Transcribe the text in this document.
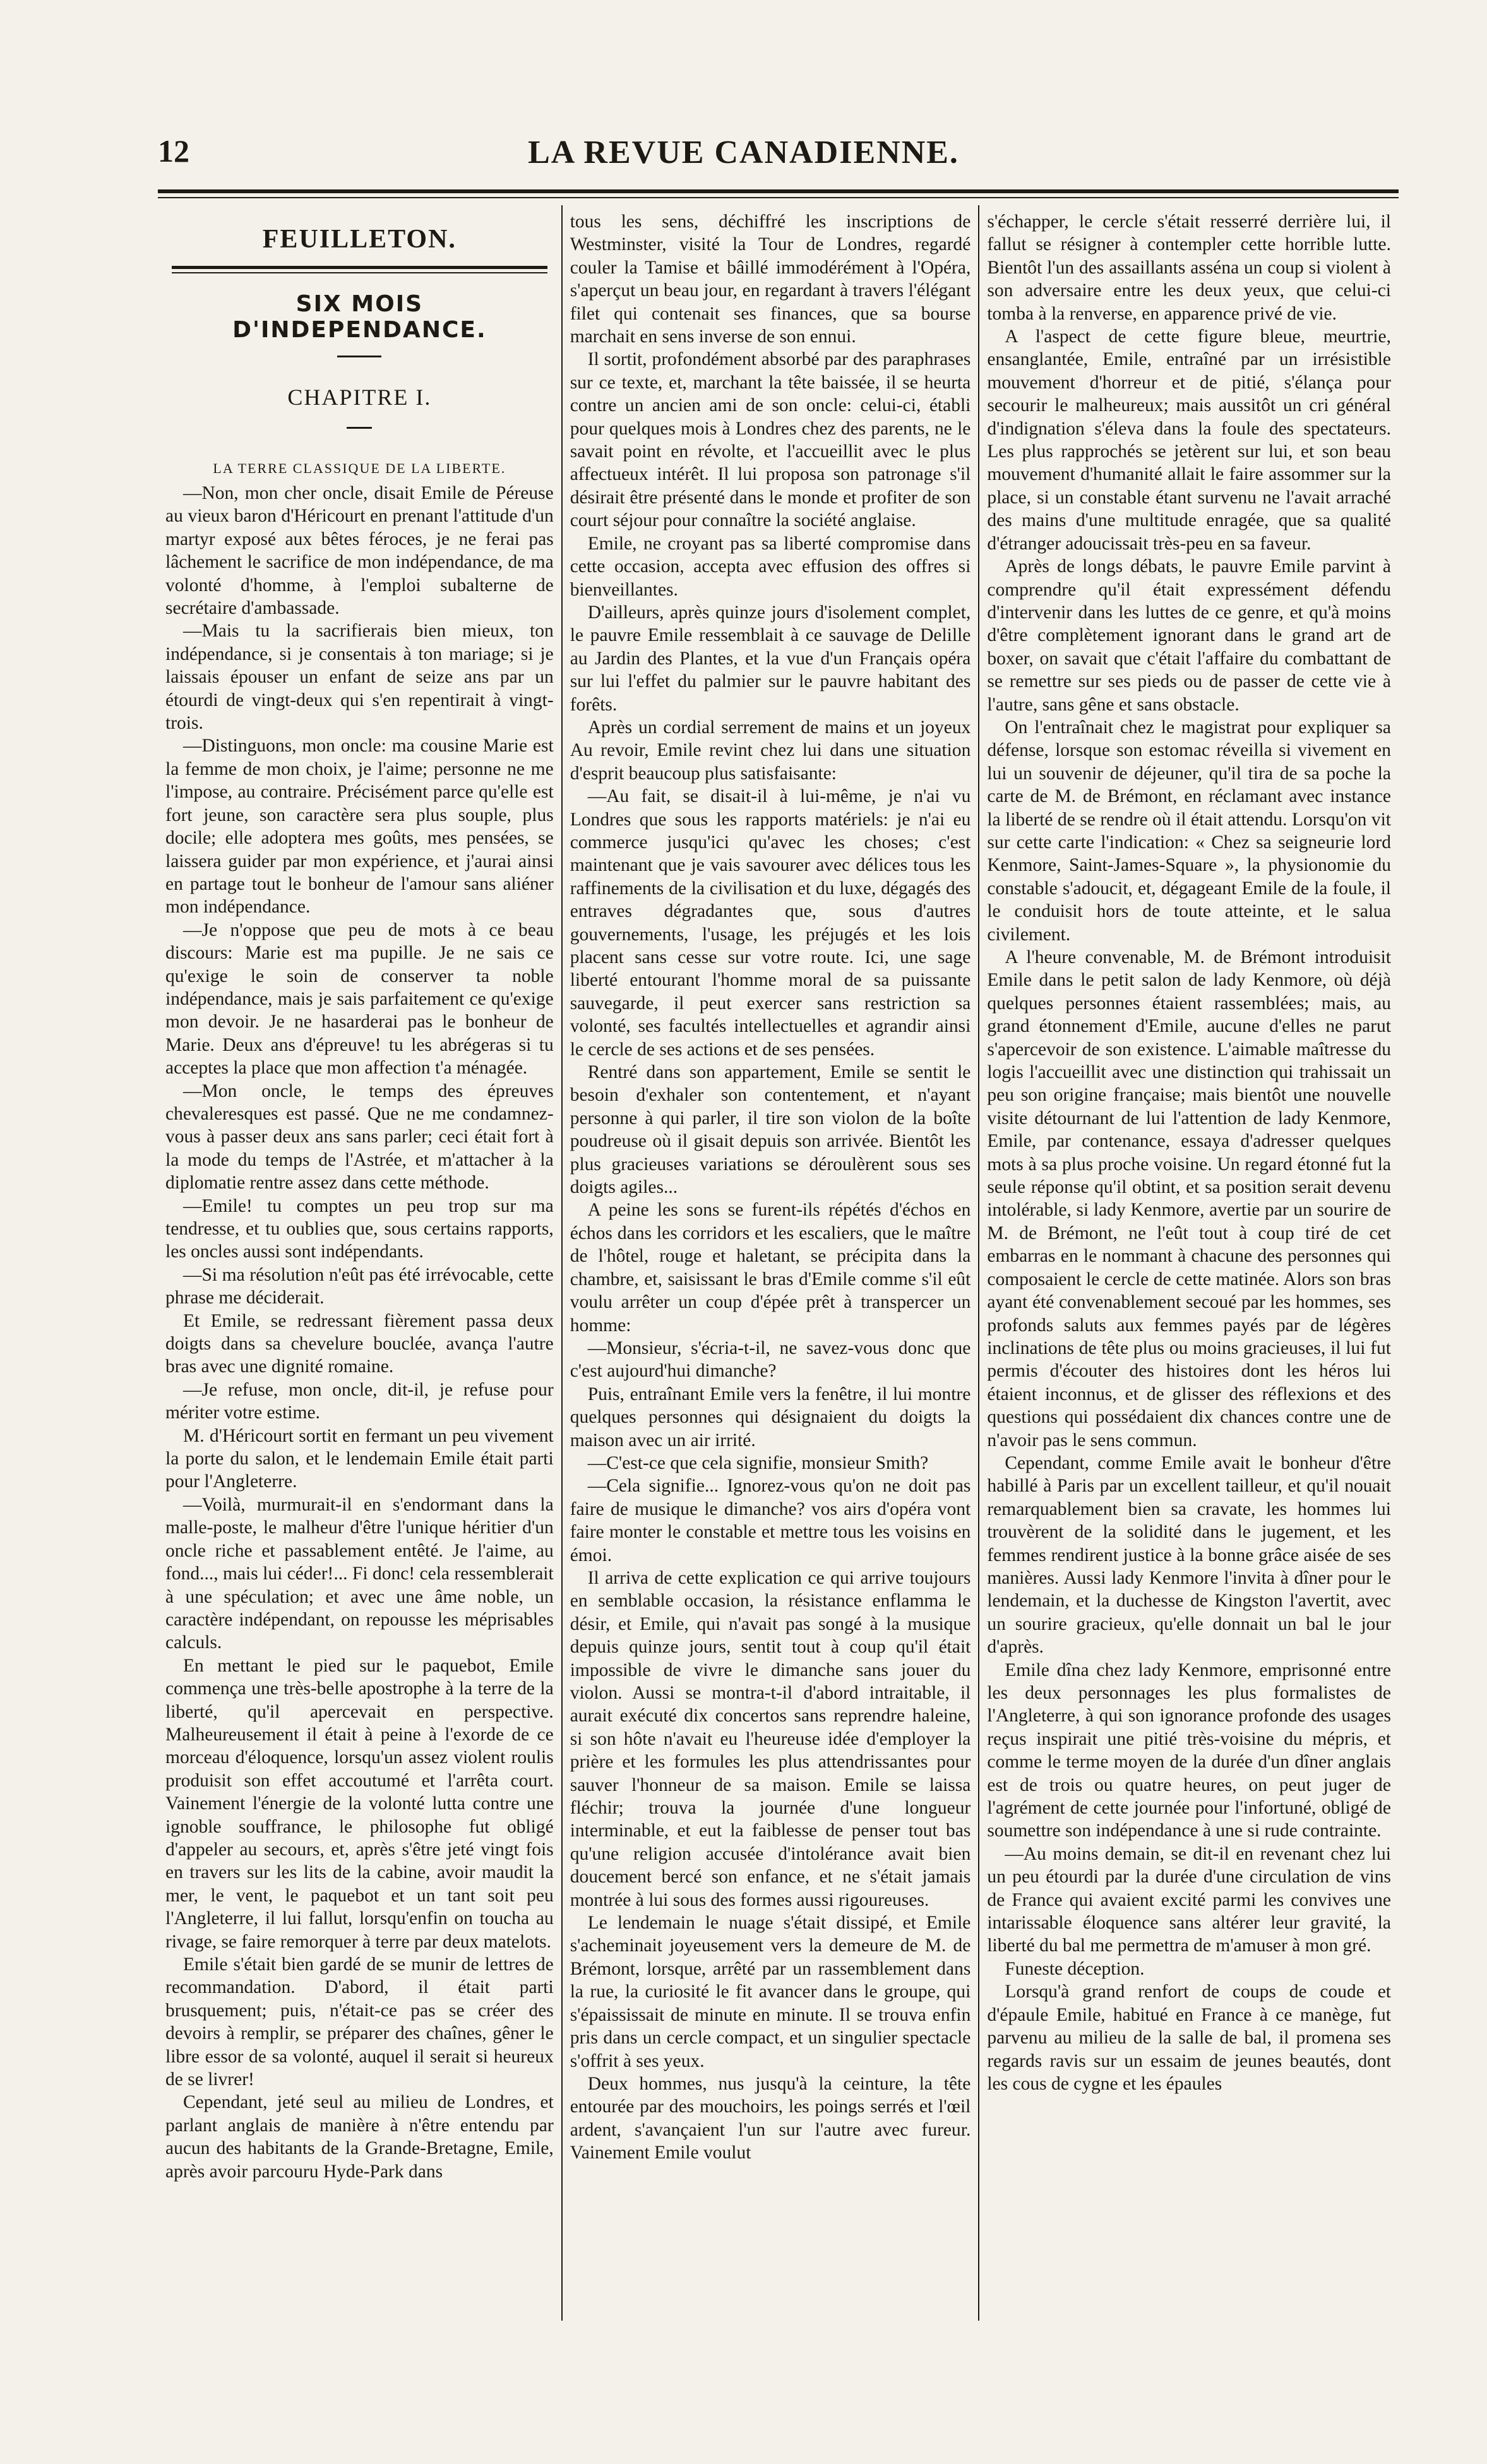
12	LA REVUE CANADIENNE.
FEUILLETON.
SIX MOIS D'INDEPENDANCE.
CHAPITRE I.
LA TERRE CLASSIQUE DE LA LIBERTE.

—Non, mon cher oncle, disait Emile de Péreuse au vieux baron d'Héricourt en prenant l'attitude d'un martyr exposé aux bêtes féroces, je ne ferai pas lâchement le sacrifice de mon indépendance, de ma volonté d'homme, à l'emploi subalterne de secrétaire d'ambassade.

—Mais tu la sacrifierais bien mieux, ton indépendance, si je consentais à ton mariage; si je laissais épouser un enfant de seize ans par un étourdi de vingt-deux qui s'en repentirait à vingt-trois.

—Distinguons, mon oncle: ma cousine Marie est la femme de mon choix, je l'aime; personne ne me l'impose, au contraire. Précisément parce qu'elle est fort jeune, son caractère sera plus souple, plus docile; elle adoptera mes goûts, mes pensées, se laissera guider par mon expérience, et j'aurai ainsi en partage tout le bonheur de l'amour sans aliéner mon indépendance.

—Je n'oppose que peu de mots à ce beau discours: Marie est ma pupille. Je ne sais ce qu'exige le soin de conserver ta noble indépendance, mais je sais parfaitement ce qu'exige mon devoir. Je ne hasarderai pas le bonheur de Marie. Deux ans d'épreuve! tu les abrégeras si tu acceptes la place que mon affection t'a ménagée.

—Mon oncle, le temps des épreuves chevaleresques est passé. Que ne me condamnez-vous à passer deux ans sans parler; ceci était fort à la mode du temps de l'Astrée, et m'attacher à la diplomatie rentre assez dans cette méthode.

—Emile! tu comptes un peu trop sur ma tendresse, et tu oublies que, sous certains rapports, les oncles aussi sont indépendants.

—Si ma résolution n'eût pas été irrévocable, cette phrase me déciderait.

Et Emile, se redressant fièrement passa deux doigts dans sa chevelure bouclée, avança l'autre bras avec une dignité romaine.

—Je refuse, mon oncle, dit-il, je refuse pour mériter votre estime.

M. d'Héricourt sortit en fermant un peu vivement la porte du salon, et le lendemain Emile était parti pour l'Angleterre.

—Voilà, murmurait-il en s'endormant dans la malle-poste, le malheur d'être l'unique héritier d'un oncle riche et passablement entêté. Je l'aime, au fond..., mais lui céder!... Fi donc! cela ressemblerait à une spéculation; et avec une âme noble, un caractère indépendant, on repousse les méprisables calculs.

En mettant le pied sur le paquebot, Emile commença une très-belle apostrophe à la terre de la liberté, qu'il apercevait en perspective. Malheureusement il était à peine à l'exorde de ce morceau d'éloquence, lorsqu'un assez violent roulis produisit son effet accoutumé et l'arrêta court. Vainement l'énergie de la volonté lutta contre une ignoble souffrance, le philosophe fut obligé d'appeler au secours, et, après s'être jeté vingt fois en travers sur les lits de la cabine, avoir maudit la mer, le vent, le paquebot et un tant soit peu l'Angleterre, il lui fallut, lorsqu'enfin on toucha au rivage, se faire remorquer à terre par deux matelots.

Emile s'était bien gardé de se munir de lettres de recommandation. D'abord, il était parti brusquement; puis, n'était-ce pas se créer des devoirs à remplir, se préparer des chaînes, gêner le libre essor de sa volonté, auquel il serait si heureux de se livrer!

Cependant, jeté seul au milieu de Londres, et parlant anglais de manière à n'être entendu par aucun des habitants de la Grande-Bretagne, Emile, après avoir parcouru Hyde-Park dans

tous les sens, déchiffré les inscriptions de Westminster, visité la Tour de Londres, regardé couler la Tamise et bâillé immodérément à l'Opéra, s'aperçut un beau jour, en regardant à travers l'élégant filet qui contenait ses finances, que sa bourse marchait en sens inverse de son ennui.

Il sortit, profondément absorbé par des paraphrases sur ce texte, et, marchant la tête baissée, il se heurta contre un ancien ami de son oncle: celui-ci, établi pour quelques mois à Londres chez des parents, ne le savait point en révolte, et l'accueillit avec le plus affectueux intérêt. Il lui proposa son patronage s'il désirait être présenté dans le monde et profiter de son court séjour pour connaître la société anglaise.

Emile, ne croyant pas sa liberté compromise dans cette occasion, accepta avec effusion des offres si bienveillantes.

D'ailleurs, après quinze jours d'isolement complet, le pauvre Emile ressemblait à ce sauvage de Delille au Jardin des Plantes, et la vue d'un Français opéra sur lui l'effet du palmier sur le pauvre habitant des forêts.

Après un cordial serrement de mains et un joyeux Au revoir, Emile revint chez lui dans une situation d'esprit beaucoup plus satisfaisante:

—Au fait, se disait-il à lui-même, je n'ai vu Londres que sous les rapports matériels: je n'ai eu commerce jusqu'ici qu'avec les choses; c'est maintenant que je vais savourer avec délices tous les raffinements de la civilisation et du luxe, dégagés des entraves dégradantes que, sous d'autres gouvernements, l'usage, les préjugés et les lois placent sans cesse sur votre route. Ici, une sage liberté entourant l'homme moral de sa puissante sauvegarde, il peut exercer sans restriction sa volonté, ses facultés intellectuelles et agrandir ainsi le cercle de ses actions et de ses pensées.

Rentré dans son appartement, Emile se sentit le besoin d'exhaler son contentement, et n'ayant personne à qui parler, il tire son violon de la boîte poudreuse où il gisait depuis son arrivée. Bientôt les plus gracieuses variations se déroulèrent sous ses doigts agiles...

A peine les sons se furent-ils répétés d'échos en échos dans les corridors et les escaliers, que le maître de l'hôtel, rouge et haletant, se précipita dans la chambre, et, saisissant le bras d'Emile comme s'il eût voulu arrêter un coup d'épée prêt à transpercer un homme:

—Monsieur, s'écria-t-il, ne savez-vous donc que c'est aujourd'hui dimanche?

Puis, entraînant Emile vers la fenêtre, il lui montre quelques personnes qui désignaient du doigts la maison avec un air irrité.

—C'est-ce que cela signifie, monsieur Smith?

—Cela signifie... Ignorez-vous qu'on ne doit pas faire de musique le dimanche? vos airs d'opéra vont faire monter le constable et mettre tous les voisins en émoi.

Il arriva de cette explication ce qui arrive toujours en semblable occasion, la résistance enflamma le désir, et Emile, qui n'avait pas songé à la musique depuis quinze jours, sentit tout à coup qu'il était impossible de vivre le dimanche sans jouer du violon. Aussi se montra-t-il d'abord intraitable, il aurait exécuté dix concertos sans reprendre haleine, si son hôte n'avait eu l'heureuse idée d'employer la prière et les formules les plus attendrissantes pour sauver l'honneur de sa maison. Emile se laissa fléchir; trouva la journée d'une longueur interminable, et eut la faiblesse de penser tout bas qu'une religion accusée d'intolérance avait bien doucement bercé son enfance, et ne s'était jamais montrée à lui sous des formes aussi rigoureuses.

Le lendemain le nuage s'était dissipé, et Emile s'acheminait joyeusement vers la demeure de M. de Brémont, lorsque, arrêté par un rassemblement dans la rue, la curiosité le fit avancer dans le groupe, qui s'épaississait de minute en minute. Il se trouva enfin pris dans un cercle compact, et un singulier spectacle s'offrit à ses yeux.

Deux hommes, nus jusqu'à la ceinture, la tête entourée par des mouchoirs, les poings serrés et l'œil ardent, s'avançaient l'un sur l'autre avec fureur. Vainement Emile voulut

s'échapper, le cercle s'était resserré derrière lui, il fallut se résigner à contempler cette horrible lutte. Bientôt l'un des assaillants asséna un coup si violent à son adversaire entre les deux yeux, que celui-ci tomba à la renverse, en apparence privé de vie.

A l'aspect de cette figure bleue, meurtrie, ensanglantée, Emile, entraîné par un irrésistible mouvement d'horreur et de pitié, s'élança pour secourir le malheureux; mais aussitôt un cri général d'indignation s'éleva dans la foule des spectateurs. Les plus rapprochés se jetèrent sur lui, et son beau mouvement d'humanité allait le faire assommer sur la place, si un constable étant survenu ne l'avait arraché des mains d'une multitude enragée, que sa qualité d'étranger adoucissait très-peu en sa faveur.

Après de longs débats, le pauvre Emile parvint à comprendre qu'il était expressément défendu d'intervenir dans les luttes de ce genre, et qu'à moins d'être complètement ignorant dans le grand art de boxer, on savait que c'était l'affaire du combattant de se remettre sur ses pieds ou de passer de cette vie à l'autre, sans gêne et sans obstacle.

On l'entraînait chez le magistrat pour expliquer sa défense, lorsque son estomac réveilla si vivement en lui un souvenir de déjeuner, qu'il tira de sa poche la carte de M. de Brémont, en réclamant avec instance la liberté de se rendre où il était attendu. Lorsqu'on vit sur cette carte l'indication: « Chez sa seigneurie lord Kenmore, Saint-James-Square », la physionomie du constable s'adoucit, et, dégageant Emile de la foule, il le conduisit hors de toute atteinte, et le salua civilement.

A l'heure convenable, M. de Brémont introduisit Emile dans le petit salon de lady Kenmore, où déjà quelques personnes étaient rassemblées; mais, au grand étonnement d'Emile, aucune d'elles ne parut s'apercevoir de son existence. L'aimable maîtresse du logis l'accueillit avec une distinction qui trahissait un peu son origine française; mais bientôt une nouvelle visite détournant de lui l'attention de lady Kenmore, Emile, par contenance, essaya d'adresser quelques mots à sa plus proche voisine. Un regard étonné fut la seule réponse qu'il obtint, et sa position serait devenu intolérable, si lady Kenmore, avertie par un sourire de M. de Brémont, ne l'eût tout à coup tiré de cet embarras en le nommant à chacune des personnes qui composaient le cercle de cette matinée. Alors son bras ayant été convenablement secoué par les hommes, ses profonds saluts aux femmes payés par de légères inclinations de tête plus ou moins gracieuses, il lui fut permis d'écouter des histoires dont les héros lui étaient inconnus, et de glisser des réflexions et des questions qui possédaient dix chances contre une de n'avoir pas le sens commun.

Cependant, comme Emile avait le bonheur d'être habillé à Paris par un excellent tailleur, et qu'il nouait remarquablement bien sa cravate, les hommes lui trouvèrent de la solidité dans le jugement, et les femmes rendirent justice à la bonne grâce aisée de ses manières. Aussi lady Kenmore l'invita à dîner pour le lendemain, et la duchesse de Kingston l'avertit, avec un sourire gracieux, qu'elle donnait un bal le jour d'après.

Emile dîna chez lady Kenmore, emprisonné entre les deux personnages les plus formalistes de l'Angleterre, à qui son ignorance profonde des usages reçus inspirait une pitié très-voisine du mépris, et comme le terme moyen de la durée d'un dîner anglais est de trois ou quatre heures, on peut juger de l'agrément de cette journée pour l'infortuné, obligé de soumettre son indépendance à une si rude contrainte.

—Au moins demain, se dit-il en revenant chez lui un peu étourdi par la durée d'une circulation de vins de France qui avaient excité parmi les convives une intarissable éloquence sans altérer leur gravité, la liberté du bal me permettra de m'amuser à mon gré.

Funeste déception.

Lorsqu'à grand renfort de coups de coude et d'épaule Emile, habitué en France à ce manège, fut parvenu au milieu de la salle de bal, il promena ses regards ravis sur un essaim de jeunes beautés, dont les cous de cygne et les épaules
